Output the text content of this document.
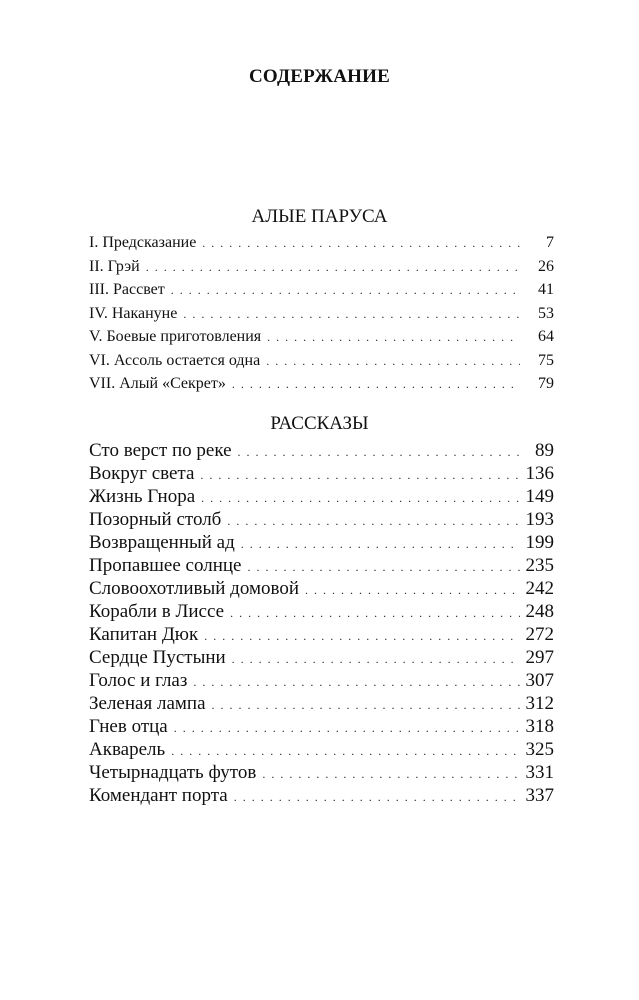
СОДЕРЖАНИЕ
АЛЫЕ ПАРУСА
I. Предсказание . . .	7
II. Грэй . . .	26
III. Рассвет . . .	41
IV. Накануне . . .	53
V. Боевые приготовления . . .	64
VI. Ассоль остается одна . . .	75
VII. Алый «Секрет» . . .	79
РАССКАЗЫ
Сто верст по реке . . .	89
Вокруг света . . .	136
Жизнь Гнора . . .	149
Позорный столб . . .	193
Возвращенный ад . . .	199
Пропавшее солнце . . .	235
Словоохотливый домовой . . .	242
Корабли в Лиссе . . .	248
Капитан Дюк . . .	272
Сердце Пустыни . . .	297
Голос и глаз . . .	307
Зеленая лампа . . .	312
Гнев отца . . .	318
Акварель . . .	325
Четырнадцать футов . . .	331
Комендант порта . . .	337
